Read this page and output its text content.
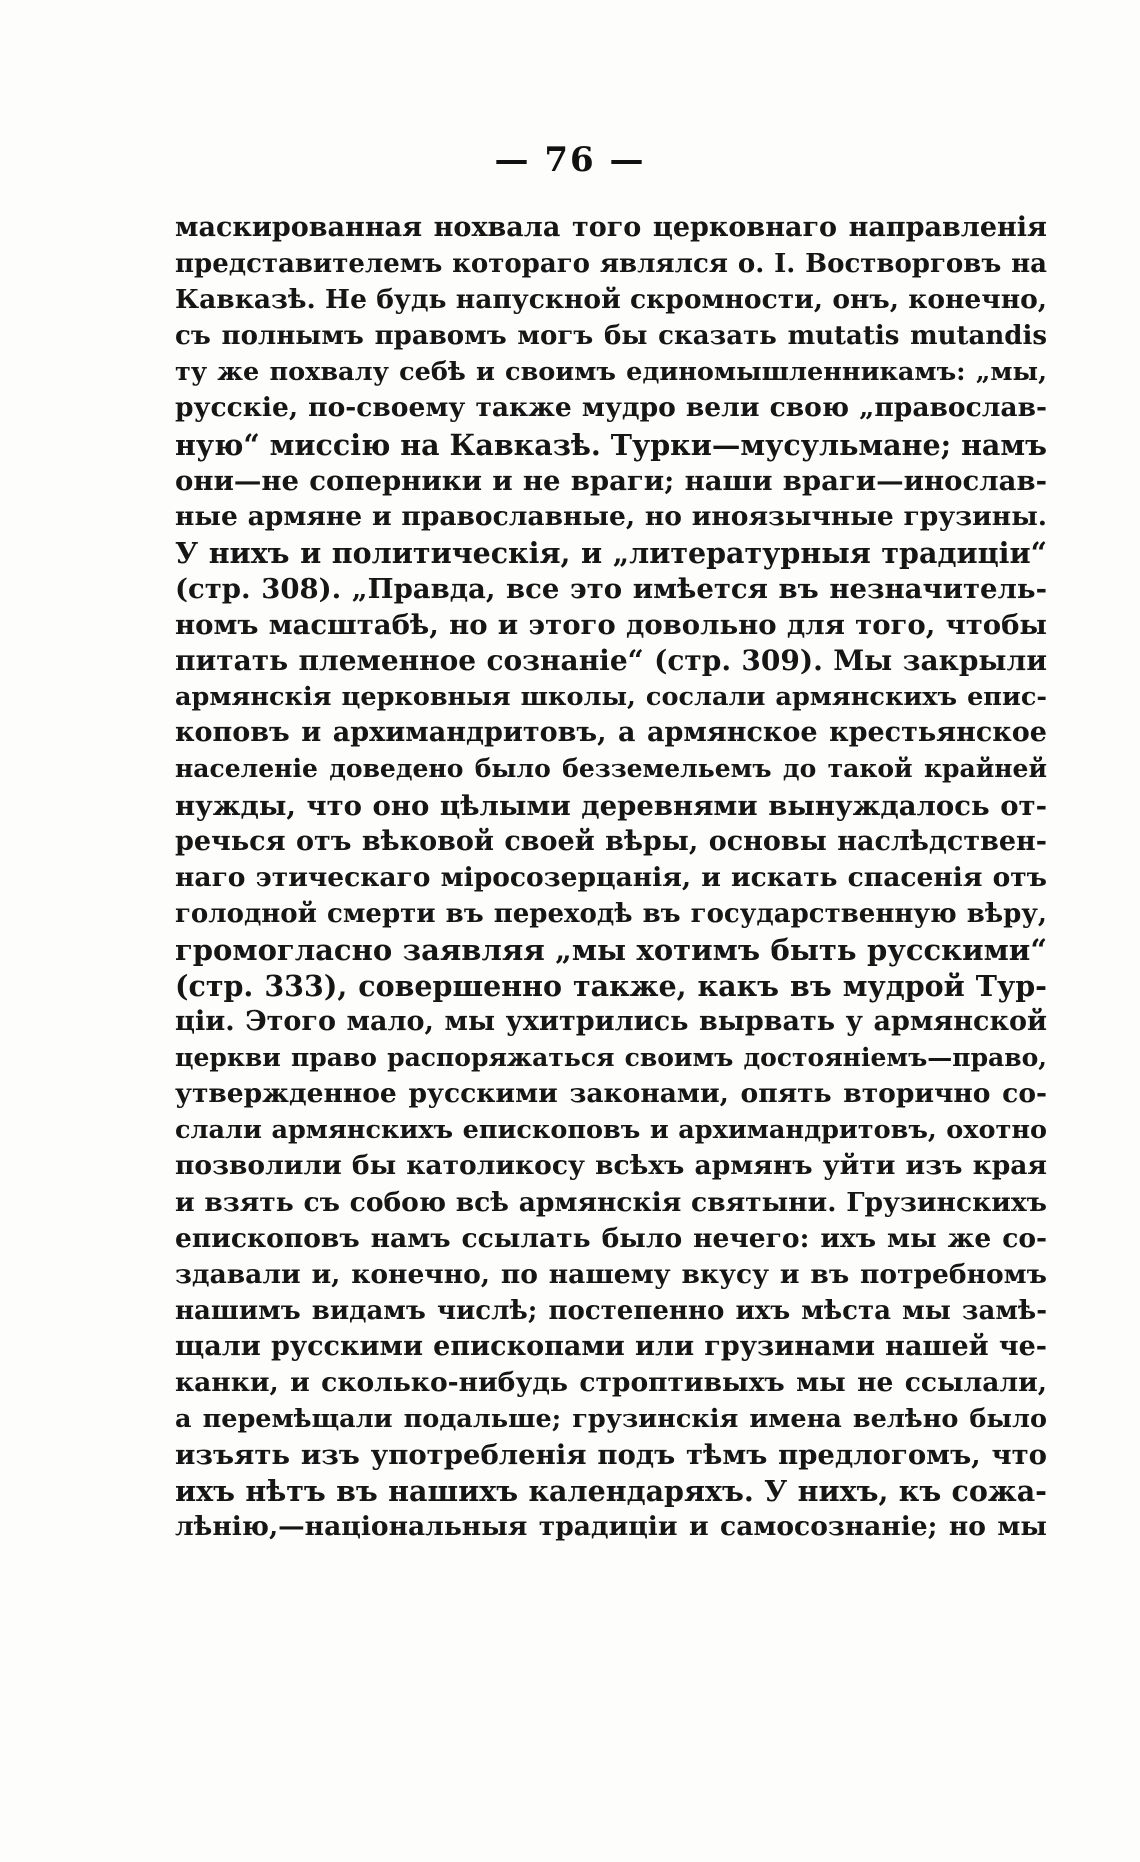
— 76 —
маскированная нохвала того церковнаго направленія
представителемъ котораго являлся о. І. Востворговъ на
Кавказѣ. Не будь напускной скромности, онъ, конечно,
съ полнымъ правомъ могъ бы сказать mutatis mutandis
ту же похвалу себѣ и своимъ единомышленникамъ: „мы,
русскіе, по-своему также мудро вели свою „православ-
ную“ миссію на Кавказѣ. Турки—мусульмане; намъ
они—не соперники и не враги; наши враги—инослав-
ные армяне и православные, но иноязычные грузины.
У нихъ и политическія, и „литературныя традиціи“
(стр. 308). „Правда, все это имѣется въ незначитель-
номъ масштабѣ, но и этого довольно для того, чтобы
питать племенное сознаніе“ (стр. 309). Мы закрыли
армянскія церковныя школы, сослали армянскихъ епис-
коповъ и архимандритовъ, а армянское крестьянское
населеніе доведено было безземельемъ до такой крайней
нужды, что оно цѣлыми деревнями вынуждалось от-
речься отъ вѣковой своей вѣры, основы наслѣдствен-
наго этическаго міросозерцанія, и искать спасенія отъ
голодной смерти въ переходѣ въ государственную вѣру,
громогласно заявляя „мы хотимъ быть русскими“
(стр. 333), совершенно также, какъ въ мудрой Тур-
ціи. Этого мало, мы ухитрились вырвать у армянской
церкви право распоряжаться своимъ достояніемъ—право,
утвержденное русскими законами, опять вторично со-
слали армянскихъ епископовъ и архимандритовъ, охотно
позволили бы католикосу всѣхъ армянъ уйти изъ края
и взять съ собою всѣ армянскія святыни. Грузинскихъ
епископовъ намъ ссылать было нечего: ихъ мы же со-
здавали и, конечно, по нашему вкусу и въ потребномъ
нашимъ видамъ числѣ; постепенно ихъ мѣста мы замѣ-
щали русскими епископами или грузинами нашей че-
канки, и сколько-нибудь строптивыхъ мы не ссылали,
а перемѣщали подальше; грузинскія имена велѣно было
изъять изъ употребленія подъ тѣмъ предлогомъ, что
ихъ нѣтъ въ нашихъ календаряхъ. У нихъ, къ сожа-
лѣнію,—національныя традиціи и самосознаніе; но мы
